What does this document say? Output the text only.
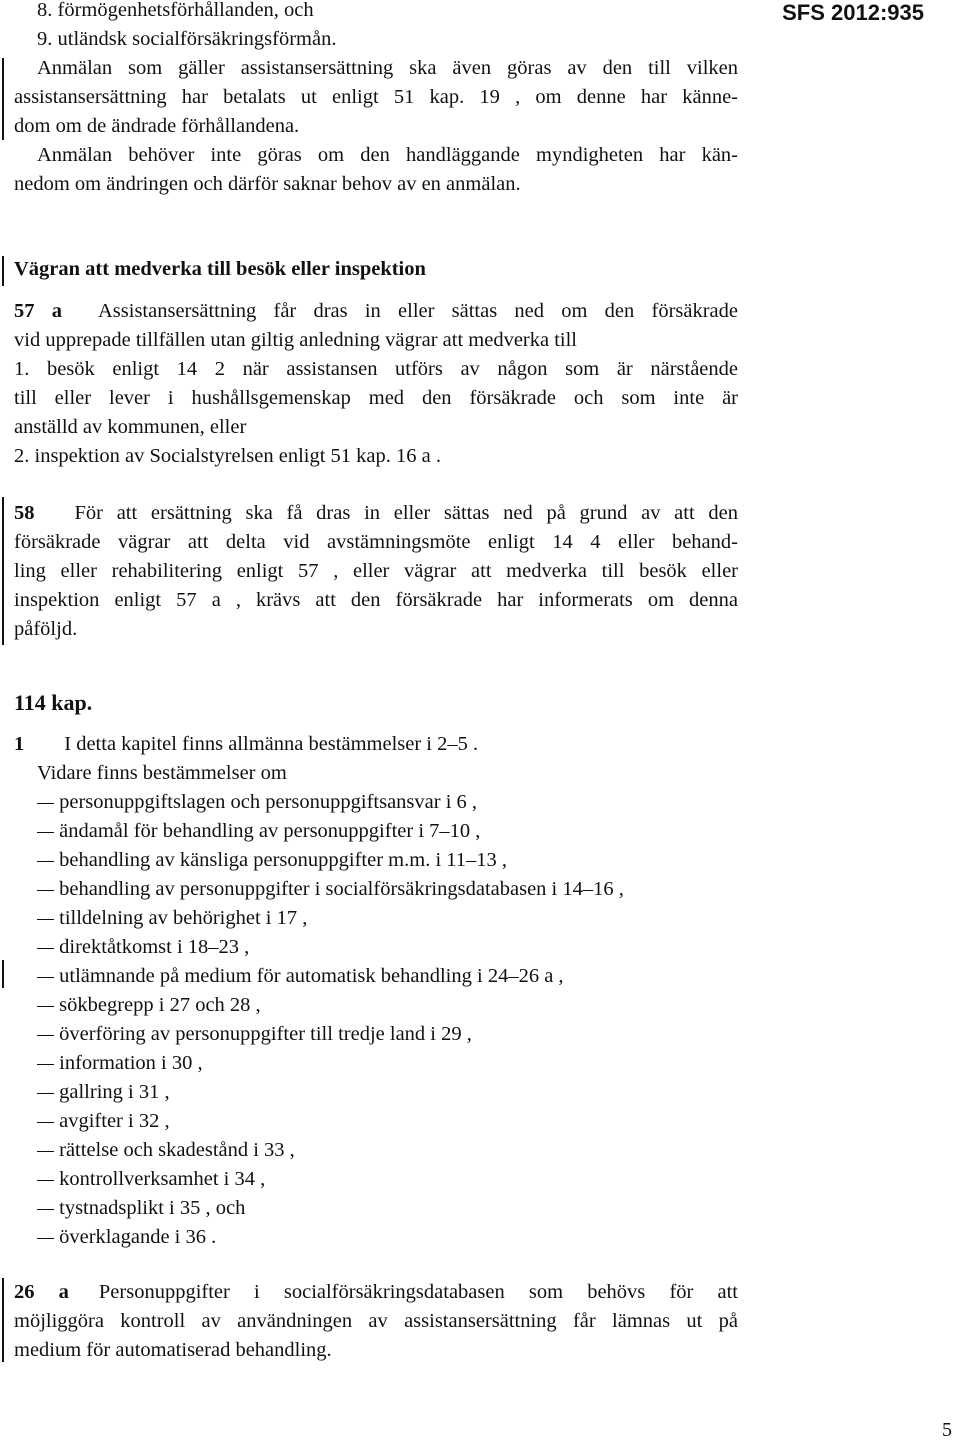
SFS 2012:935
8. förmögenhetsförhållanden, och
9. utländsk socialförsäkringsförmån.
Anmälan som gäller assistansersättning ska även göras av den till vilken
assistansersättning har betalats ut enligt 51 kap. 19 , om denne har känne-
dom om de ändrade förhållandena.
Anmälan behöver inte göras om den handläggande myndigheten har kän-
nedom om ändringen och därför saknar behov av en anmälan.
Vägran att medverka till besök eller inspektion
57 a Assistansersättning får dras in eller sättas ned om den försäkrade
vid upprepade tillfällen utan giltig anledning vägrar att medverka till
1. besök enligt 14 2 när assistansen utförs av någon som är närstående
till eller lever i hushållsgemenskap med den försäkrade och som inte är
anställd av kommunen, eller
2. inspektion av Socialstyrelsen enligt 51 kap. 16 a .
58 För att ersättning ska få dras in eller sättas ned på grund av att den
försäkrade vägrar att delta vid avstämningsmöte enligt 14 4 eller behand-
ling eller rehabilitering enligt 57 , eller vägrar att medverka till besök eller
inspektion enligt 57 a , krävs att den försäkrade har informerats om denna
påföljd.
114 kap.
1 I detta kapitel finns allmänna bestämmelser i 2–5 .
Vidare finns bestämmelser om
personuppgiftslagen och personuppgiftsansvar i 6 ,
ändamål för behandling av personuppgifter i 7–10 ,
behandling av känsliga personuppgifter m.m. i 11–13 ,
behandling av personuppgifter i socialförsäkringsdatabasen i 14–16 ,
tilldelning av behörighet i 17 ,
direktåtkomst i 18–23 ,
utlämnande på medium för automatisk behandling i 24–26 a ,
sökbegrepp i 27 och 28 ,
överföring av personuppgifter till tredje land i 29 ,
information i 30 ,
gallring i 31 ,
avgifter i 32 ,
rättelse och skadestånd i 33 ,
kontrollverksamhet i 34 ,
tystnadsplikt i 35 , och
överklagande i 36 .
26 a Personuppgifter i socialförsäkringsdatabasen som behövs för att
möjliggöra kontroll av användningen av assistansersättning får lämnas ut på
medium för automatiserad behandling.
5
